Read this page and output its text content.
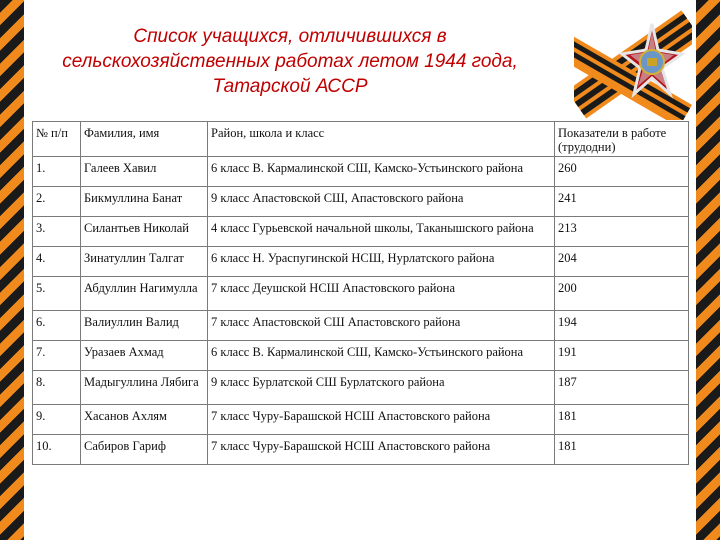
Список учащихся, отличившихся в
сельскохозяйственных работах летом 1944 года,
Татарской АССР
№ п/п	Фамилия, имя	Район, школа и класс	Показатели в работе (трудодни)
1.	Галеев Хавил	6 класс В. Кармалинской СШ, Камско-Устьинского района	260
2.	Бикмуллина Банат	9 класс Апастовской СШ, Апастовского района	241
3.	Силантьев Николай	4 класс Гурьевской начальной школы, Таканышского района	213
4.	Зинатуллин Талгат	6 класс Н. Ураспугинской НСШ, Нурлатского района	204
5.	Абдуллин Нагимулла	7 класс Деушской НСШ Апастовского района	200
6.	Валиуллин Валид	7 класс Апастовской СШ Апастовского района	194
7.	Уразаев Ахмад	6 класс В. Кармалинской СШ, Камско-Устьинского района	191
8.	Мадыгуллина Лябига	9 класс Бурлатской СШ Бурлатского района	187
9.	Хасанов Ахлям	7 класс Чуру-Барашской НСШ Апастовского района	181
10.	Сабиров Гариф	7 класс Чуру-Барашской НСШ Апастовского района	181
